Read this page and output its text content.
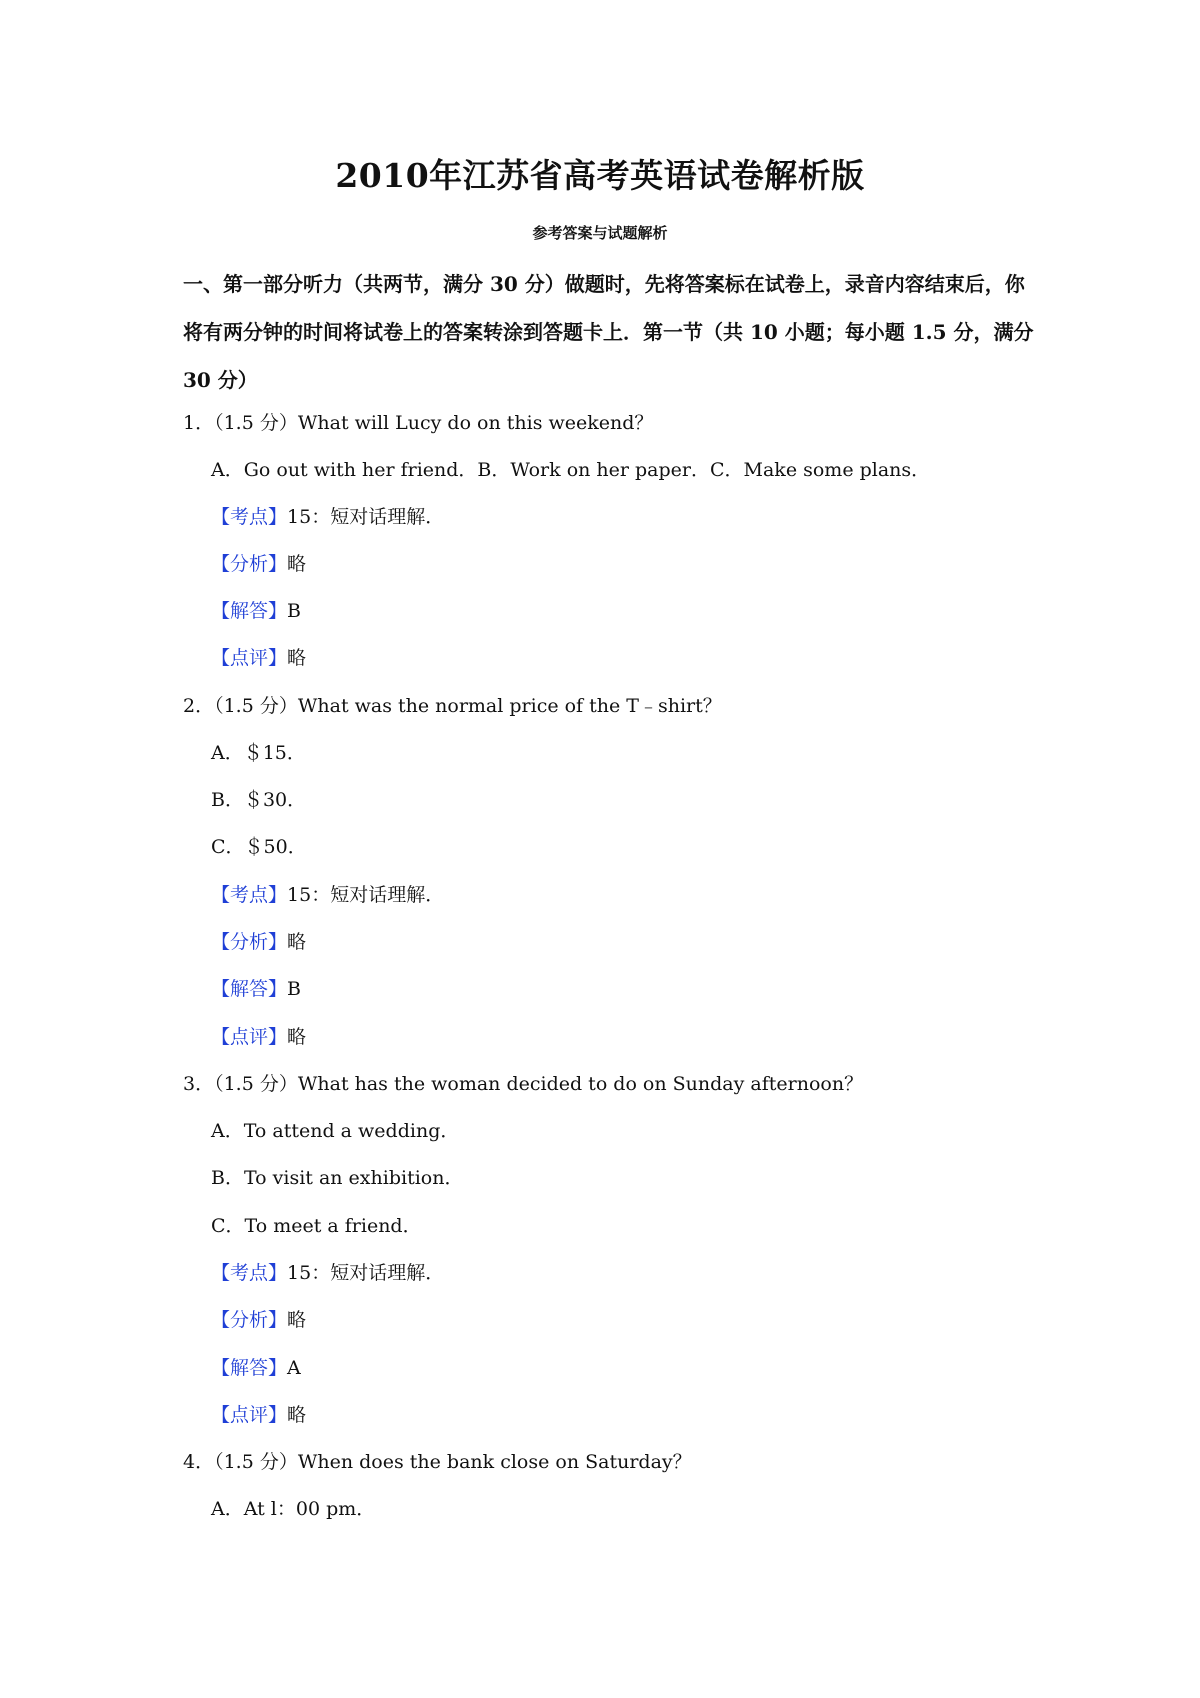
2010年江苏省高考英语试卷解析版
参考答案与试题解析
一、第一部分听力（共两节，满分 30 分）做题时，先将答案标在试卷上，录音内容结束后，你将有两分钟的时间将试卷上的答案转涂到答题卡上．第一节（共 10 小题；每小题 1.5 分，满分 30 分）
1．（1.5 分）What will Lucy do on this weekend？
A．Go out with her friend．B．Work on her paper．C．Make some plans．
【考点】15：短对话理解．
【分析】略
【解答】B
【点评】略
2．（1.5 分）What was the normal price of the T﹣shirt？
A．＄15．
B．＄30．
C．＄50．
【考点】15：短对话理解．
【分析】略
【解答】B
【点评】略
3．（1.5 分）What has the woman decided to do on Sunday afternoon？
A．To attend a wedding．
B．To visit an exhibition．
C．To meet a friend．
【考点】15：短对话理解．
【分析】略
【解答】A
【点评】略
4．（1.5 分）When does the bank close on Saturday？
A．At l：00 pm．
